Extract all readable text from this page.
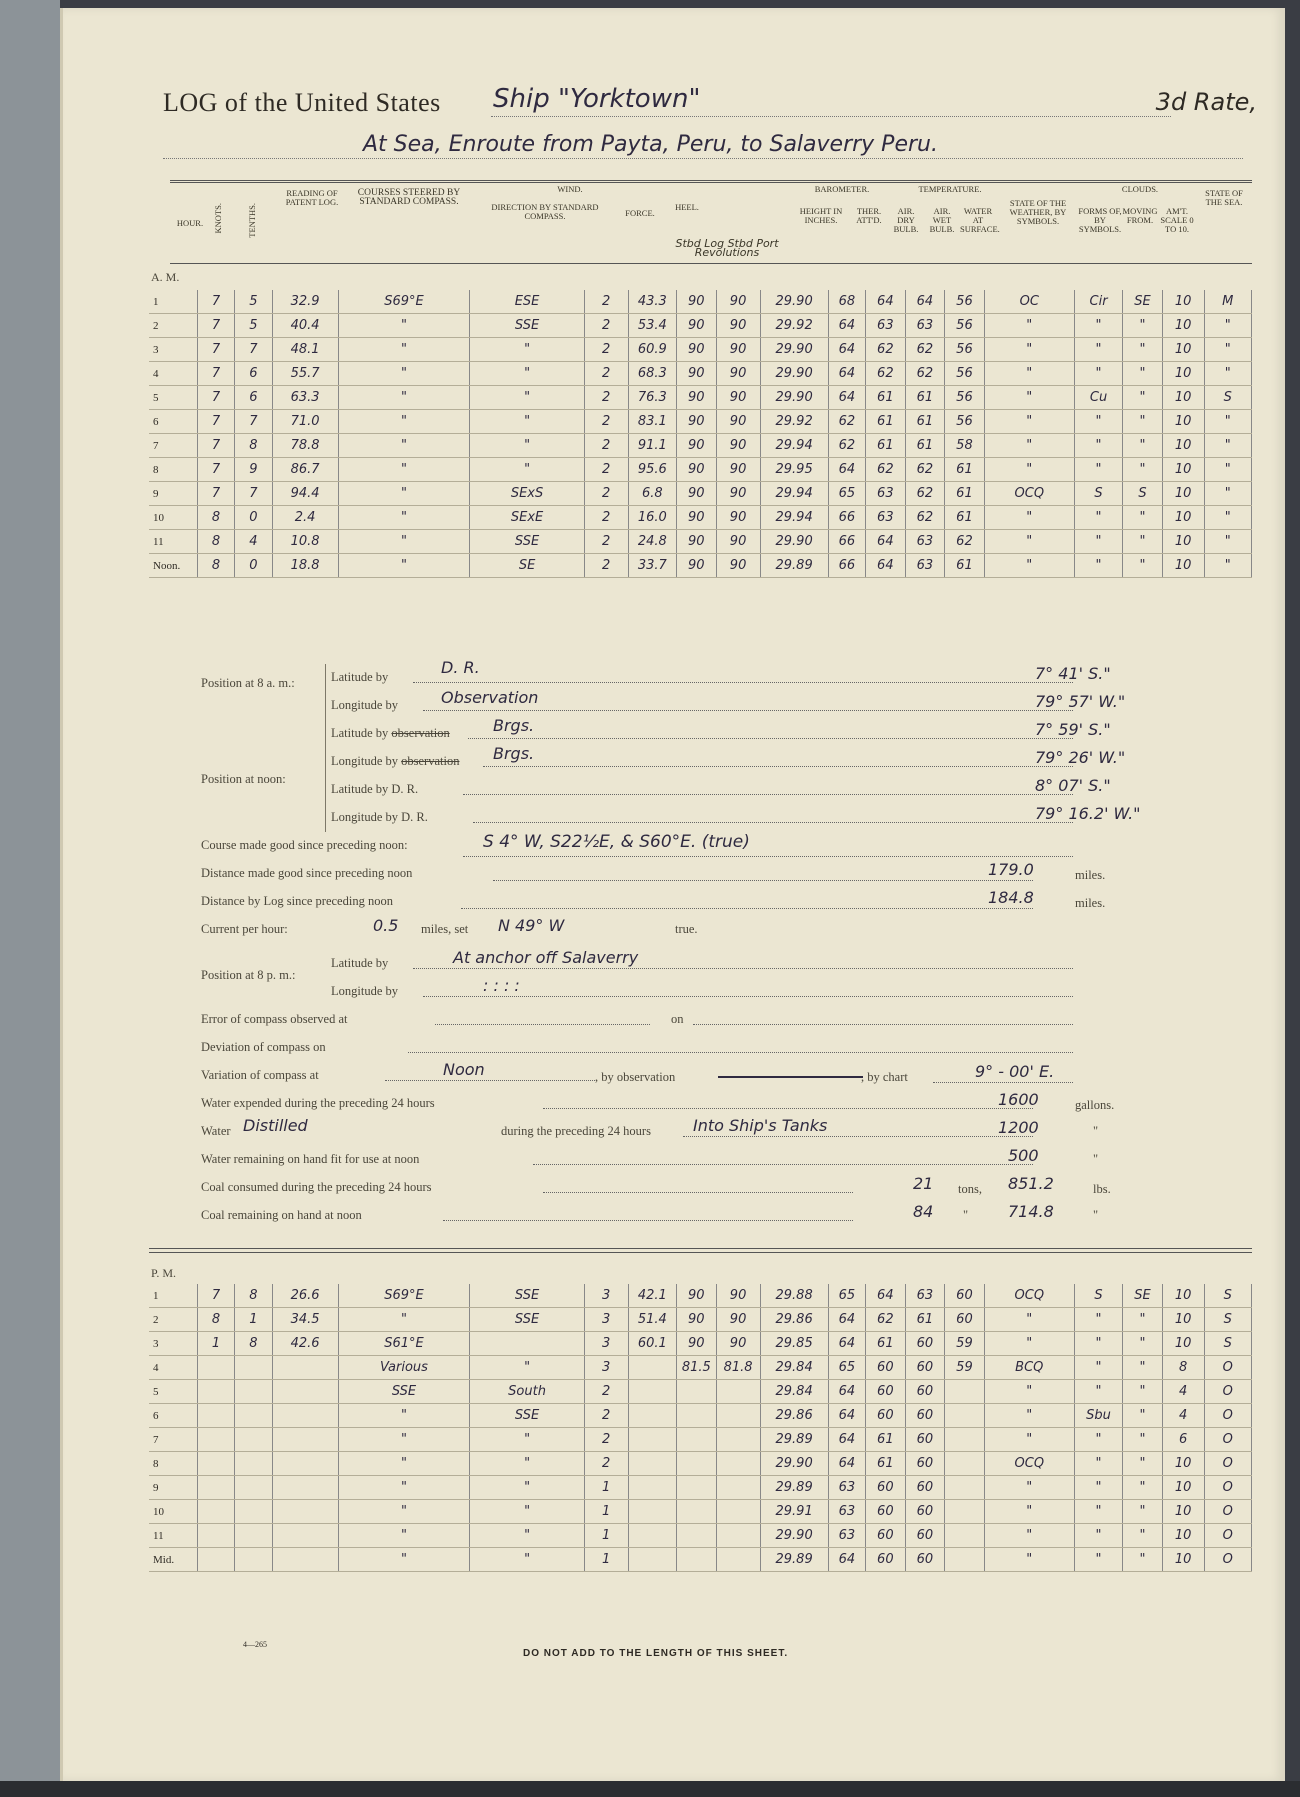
LOG of the United States Ship "Yorktown"	3d Rate,
At Sea, Enroute from Payta, Peru, to Salaverry Peru.
HOUR.	KNOTS.	TENTHS.
READING OF PATENT LOG.
COURSES STEERED BY STANDARD COMPASS.
WIND.
DIRECTION BY STANDARD COMPASS.	FORCE.
HEEL.
Stbd Log Stbd Port Revolutions
BAROMETER.
HEIGHT IN INCHES.
THER. ATT'D.
TEMPERATURE.
AIR. DRY BULB.
AIR. WET BULB.
WATER AT SURFACE.
STATE OF THE WEATHER, BY SYMBOLS.
CLOUDS.
FORMS OF, BY SYMBOLS.
MOVING FROM.
AM'T. SCALE 0 TO 10.
STATE OF THE SEA.
A. M.
1	7	5	32.9	S69°E	ESE	2	43.3	90	90	29.90	68	64	64	56	OC	Cir	SE	10	M
2	7	5	40.4	"	SSE	2	53.4	90	90	29.92	64	63	63	56	"	"	"	10	"
3	7	7	48.1	"	"	2	60.9	90	90	29.90	64	62	62	56	"	"	"	10	"
4	7	6	55.7	"	"	2	68.3	90	90	29.90	64	62	62	56	"	"	"	10	"
5	7	6	63.3	"	"	2	76.3	90	90	29.90	64	61	61	56	"	Cu	"	10	S
6	7	7	71.0	"	"	2	83.1	90	90	29.92	62	61	61	56	"	"	"	10	"
7	7	8	78.8	"	"	2	91.1	90	90	29.94	62	61	61	58	"	"	"	10	"
8	7	9	86.7	"	"	2	95.6	90	90	29.95	64	62	62	61	"	"	"	10	"
9	7	7	94.4	"	SExS	2	6.8	90	90	29.94	65	63	62	61	OCQ	S	S	10	"
10	8	0	2.4	"	SExE	2	16.0	90	90	29.94	66	63	62	61	"	"	"	10	"
11	8	4	10.8	"	SSE	2	24.8	90	90	29.90	66	64	63	62	"	"	"	10	"
Noon.	8	0	18.8	"	SE	2	33.7	90	90	29.89	66	64	63	61	"	"	"	10	"
Position at 8 a. m.:	Latitude by	D. R.	7° 41' S."
Longitude by	Observation	79° 57' W."
Position at noon:
Latitude by observation	Brgs.	7° 59' S."
Longitude by observation Brgs.	79° 26' W."
Latitude by D. R.	8° 07' S."
Longitude by D. R.	79° 16.2' W."
Course made good since preceding noon:	S 4° W, S22½E, & S60°E. (true)
Distance made good since preceding noon	179.0	miles.
Distance by Log since preceding noon	184.8	miles.
Current per hour:	0.5 miles, set N 49° W	true.
Position at 8 p. m.:
Latitude by	At anchor off Salaverry
Longitude by	: : : :
Error of compass observed at	on
Deviation of compass on
Variation of compass at	Noon	, by observation	, by chart	9° - 00' E.
Water expended during the preceding 24 hours	1600	gallons.
Water Distilled	during the preceding 24 hours	Into Ship's Tanks	1200	"
Water remaining on hand fit for use at noon	500	"
Coal consumed during the preceding 24 hours	21 tons, 851.2	lbs.
Coal remaining on hand at noon	84 " 714.8	"
P. M.
1	7	8	26.6	S69°E	SSE	3	42.1	90	90	29.88	65	64	63	60	OCQ	S	SE	10	S
2	8	1	34.5	"	SSE	3	51.4	90	90	29.86	64	62	61	60	"	"	"	10	S
3	1	8	42.6	S61°E		3	60.1	90	90	29.85	64	61	60	59	"	"	"	10	S
4				Various	"	3		81.5	81.8	29.84	65	60	60	59	BCQ	"	"	8	O
5				SSE	South	2				29.84	64	60	60		"	"	"	4	O
6				"	SSE	2				29.86	64	60	60		"	Sbu	"	4	O
7				"	"	2				29.89	64	61	60		"	"	"	6	O
8				"	"	2				29.90	64	61	60		OCQ	"	"	10	O
9				"	"	1				29.89	63	60	60		"	"	"	10	O
10				"	"	1				29.91	63	60	60		"	"	"	10	O
11				"	"	1				29.90	63	60	60		"	"	"	10	O
Mid.				"	"	1				29.89	64	60	60		"	"	"	10	O
4—265
DO NOT ADD TO THE LENGTH OF THIS SHEET.
